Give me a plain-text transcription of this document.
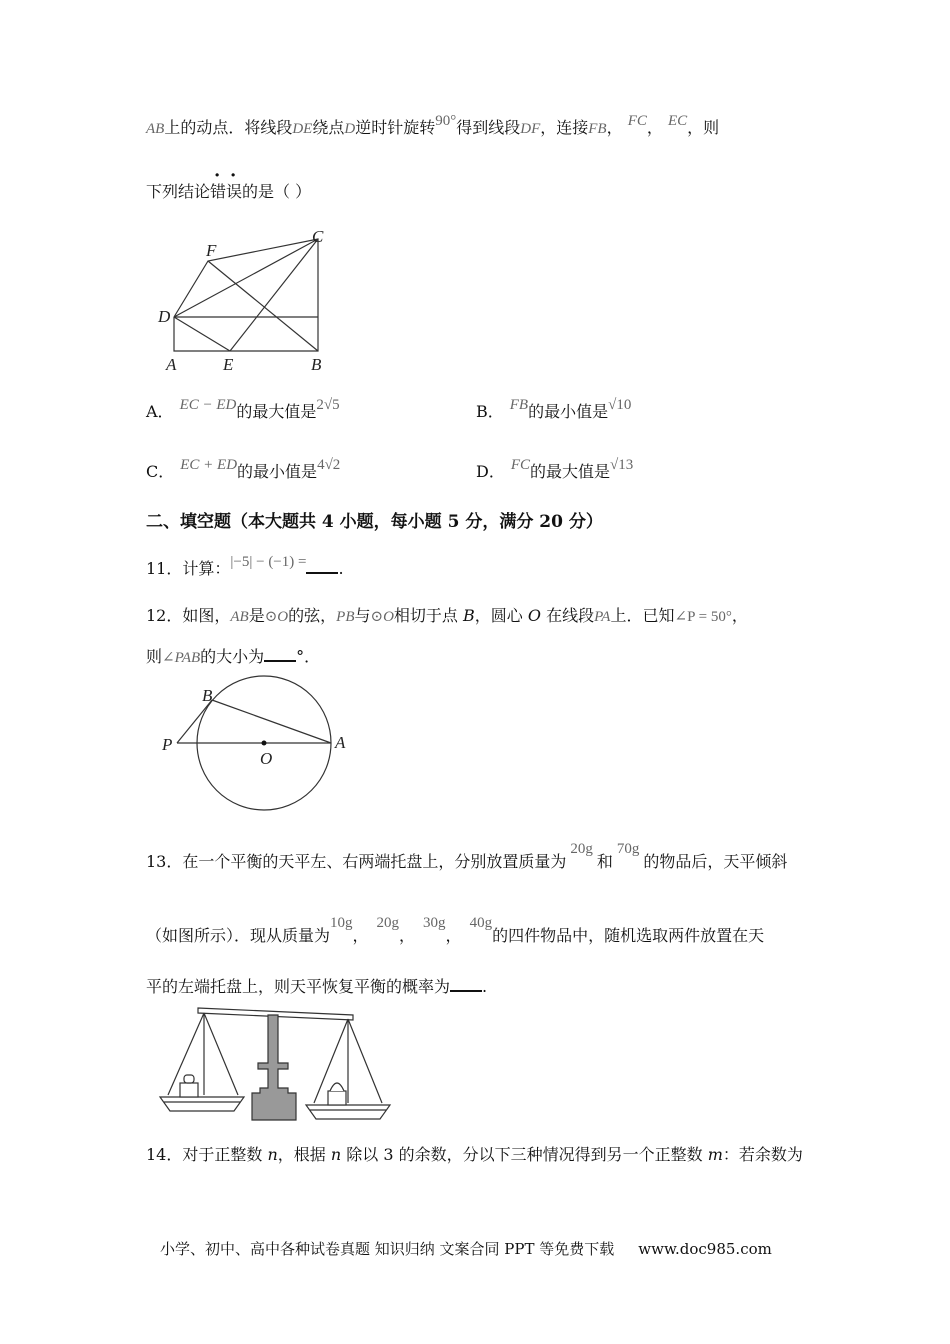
AB上的动点．将线段DE绕点D逆时针旋转90°得到线段DF，连接FB， FC， EC，则
下列结论错误的是（ ）
F
C
D
A	E	B
A． EC − ED的最大值是2√5	B． FB的最小值是√10
C． EC + ED的最小值是4√2	D． FC的最大值是√13
二、填空题（本大题共 4 小题，每小题 5 分，满分 20 分）
11．计算：|−5| − (−1) = .
12．如图，AB是⊙O的弦，PB与⊙O相切于点 B，圆心 O 在线段PA上．已知∠P = 50°，
则∠PAB的大小为 °．
B
P
O
A
13．在一个平衡的天平左、右两端托盘上，分别放置质量为20g和70g的物品后，天平倾斜
（如图所示）．现从质量为10g，20g，30g，40g的四件物品中，随机选取两件放置在天
平的左端托盘上，则天平恢复平衡的概率为 .
14．对于正整数 n，根据 n 除以 3 的余数，分以下三种情况得到另一个正整数 m：若余数为
小学、初中、高中各种试卷真题 知识归纳 文案合同 PPT 等免费下载 www.doc985.com
